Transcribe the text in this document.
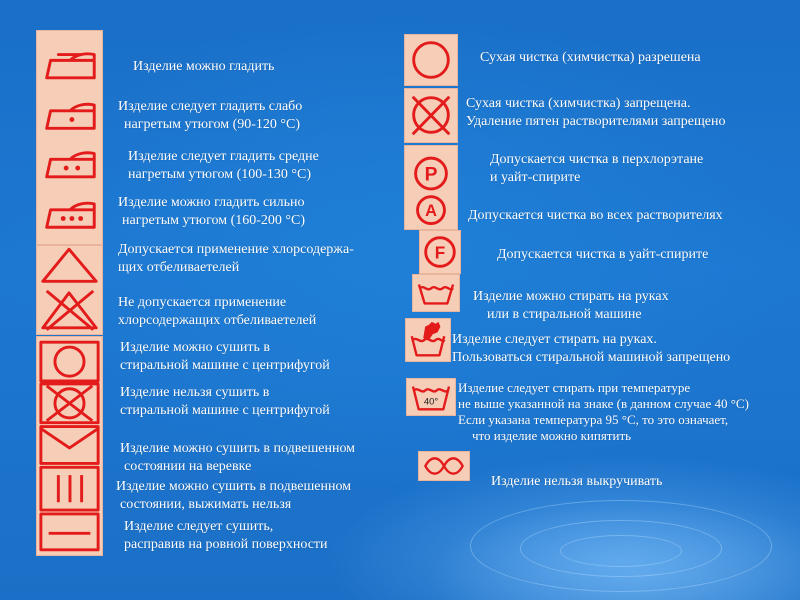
P
A
F
40°
Изделие можно гладить
Изделие следует гладить слабо
нагретым утюгом (90-120 °С)
Изделие следует гладить средне
нагретым утюгом (100-130 °С)
Изделие можно гладить сильно
нагретым утюгом (160-200 °С)
Допускается применение хлорсодержа-
щих отбеливаетелей
Не допускается применение
хлорсодержащих отбеливаетелей
Изделие можно сушить в
стиральной машине с центрифугой
Изделие нельзя сушить в
стиральной машине с центрифугой
Изделие можно сушить в подвешенном
состоянии на веревке
Изделие можно сушить в подвешенном
состоянии, выжимать нельзя
Изделие следует сушить,
расправив на ровной поверхности
Сухая чистка (химчистка) разрешена
Сухая чистка (химчистка) запрещена.
Удаление пятен растворителями запрещено
Допускается чистка в перхлорэтане
и уайт-спирите
Допускается чистка во всех растворителях
Допускается чистка в уайт-спирите
Изделие можно стирать на руках
или в стиральной машине
Изделие следует стирать на руках.
Пользоваться стиральной машиной запрещено
Изделие следует стирать при температуре
не выше указанной на знаке (в данном случае 40 °С)
Если указана температура 95 °С, то это означает,
что изделие можно кипятить
Изделие нельзя выкручивать
